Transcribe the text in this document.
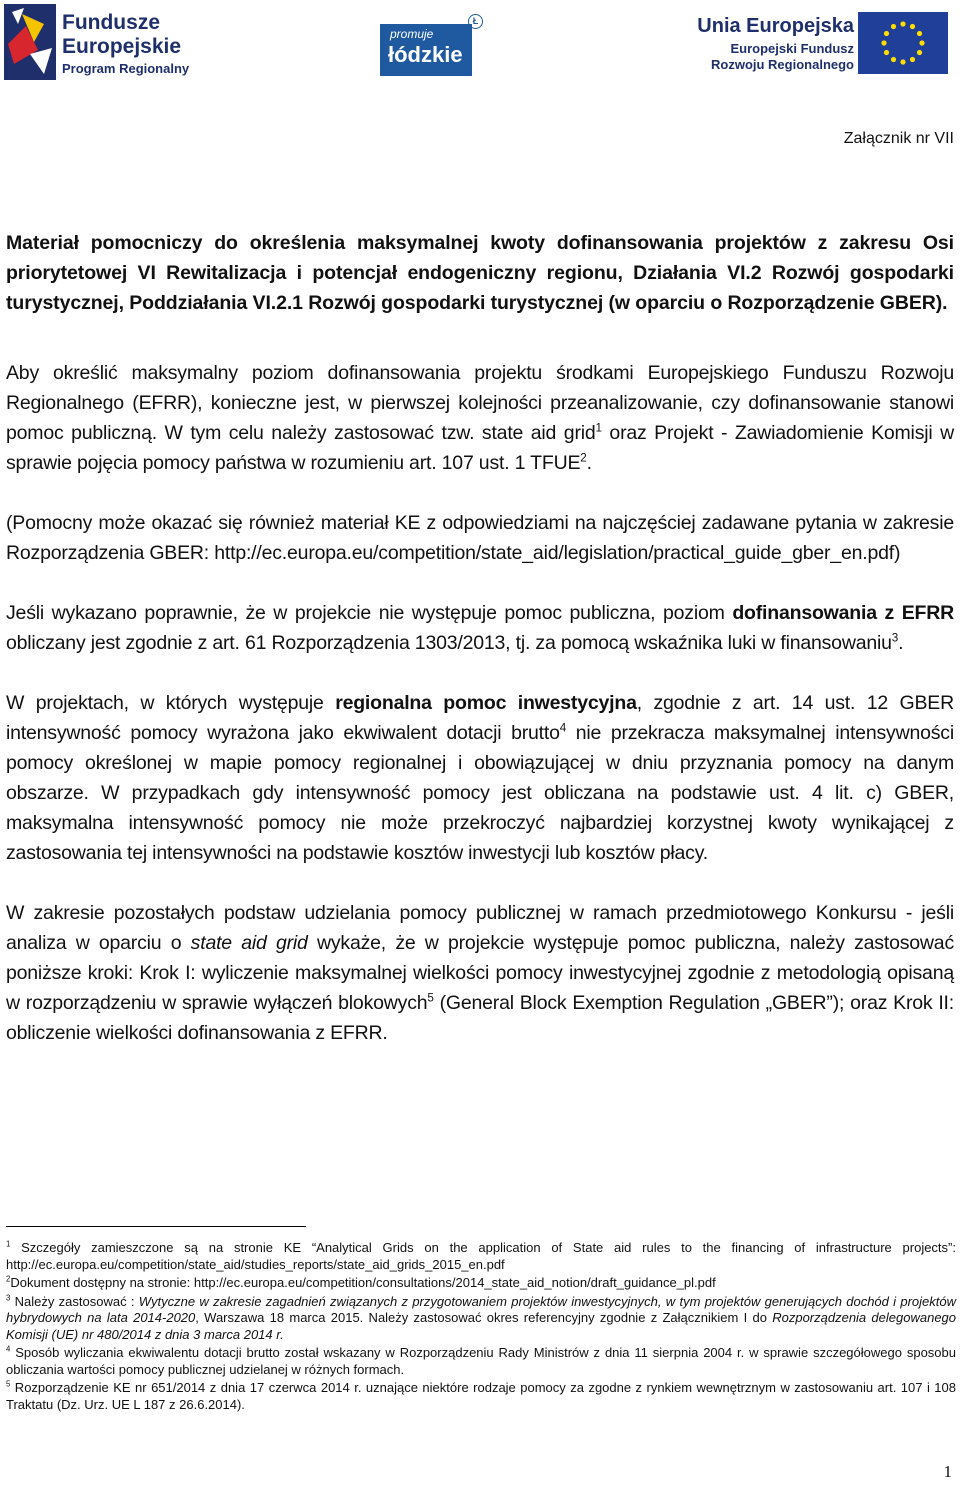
Fundusze
Europejskie
Program Regionalny
promuje
łódzkie
Ł	Unia Europejska
Europejski Fundusz
Rozwoju Regionalnego
Załącznik nr VII

Materiał pomocniczy do określenia maksymalnej kwoty dofinansowania projektów z zakresu Osi priorytetowej VI Rewitalizacja i potencjał endogeniczny regionu, Działania VI.2 Rozwój gospodarki turystycznej, Poddziałania VI.2.1 Rozwój gospodarki turystycznej (w oparciu o Rozporządzenie GBER).

Aby określić maksymalny poziom dofinansowania projektu środkami Europejskiego Funduszu Rozwoju Regionalnego (EFRR), konieczne jest, w pierwszej kolejności przeanalizowanie, czy dofinansowanie stanowi pomoc publiczną. W tym celu należy zastosować tzw. state aid grid$^1$ oraz Projekt - Zawiadomienie Komisji w sprawie pojęcia pomocy państwa w rozumieniu art. 107 ust. 1 TFUE$^2$.

(Pomocny może okazać się również materiał KE z odpowiedziami na najczęściej zadawane pytania w zakresie Rozporządzenia GBER: http://ec.europa.eu/competition/state_aid/legislation/practical_guide_gber_en.pdf)

Jeśli wykazano poprawnie, że w projekcie nie występuje pomoc publiczna, poziom dofinansowania z EFRR obliczany jest zgodnie z art. 61 Rozporządzenia 1303/2013, tj. za pomocą wskaźnika luki w finansowaniu$^3$.

W projektach, w których występuje regionalna pomoc inwestycyjna, zgodnie z art. 14 ust. 12 GBER intensywność pomocy wyrażona jako ekwiwalent dotacji brutto$^4$ nie przekracza maksymalnej intensywności pomocy określonej w mapie pomocy regionalnej i obowiązującej w dniu przyznania pomocy na danym obszarze. W przypadkach gdy intensywność pomocy jest obliczana na podstawie ust. 4 lit. c) GBER, maksymalna intensywność pomocy nie może przekroczyć najbardziej korzystnej kwoty wynikającej z zastosowania tej intensywności na podstawie kosztów inwestycji lub kosztów płacy.

W zakresie pozostałych podstaw udzielania pomocy publicznej w ramach przedmiotowego Konkursu - jeśli analiza w oparciu o state aid grid wykaże, że w projekcie występuje pomoc publiczna, należy zastosować poniższe kroki: Krok I: wyliczenie maksymalnej wielkości pomocy inwestycyjnej zgodnie z metodologią opisaną w rozporządzeniu w sprawie wyłączeń blokowych$^5$ (General Block Exemption Regulation „GBER”); oraz Krok II: obliczenie wielkości dofinansowania z EFRR.

$^1$ Szczegóły zamieszczone są na stronie KE “Analytical Grids on the application of State aid rules to the financing of infrastructure projects”: http://ec.europa.eu/competition/state_aid/studies_reports/state_aid_grids_2015_en.pdf

$^2$Dokument dostępny na stronie: http://ec.europa.eu/competition/consultations/2014_state_aid_notion/draft_guidance_pl.pdf

$^3$ Należy zastosować : Wytyczne w zakresie zagadnień związanych z przygotowaniem projektów inwestycyjnych, w tym projektów generujących dochód i projektów hybrydowych na lata 2014-2020, Warszawa 18 marca 2015. Należy zastosować okres referencyjny zgodnie z Załącznikiem I do Rozporządzenia delegowanego Komisji (UE) nr 480/2014 z dnia 3 marca 2014 r.

$^4$ Sposób wyliczania ekwiwalentu dotacji brutto został wskazany w Rozporządzeniu Rady Ministrów z dnia 11 sierpnia 2004 r. w sprawie szczegółowego sposobu obliczania wartości pomocy publicznej udzielanej w różnych formach.

$^5$ Rozporządzenie KE nr 651/2014 z dnia 17 czerwca 2014 r. uznające niektóre rodzaje pomocy za zgodne z rynkiem wewnętrznym w zastosowaniu art. 107 i 108 Traktatu (Dz. Urz. UE L 187 z 26.6.2014).

1
